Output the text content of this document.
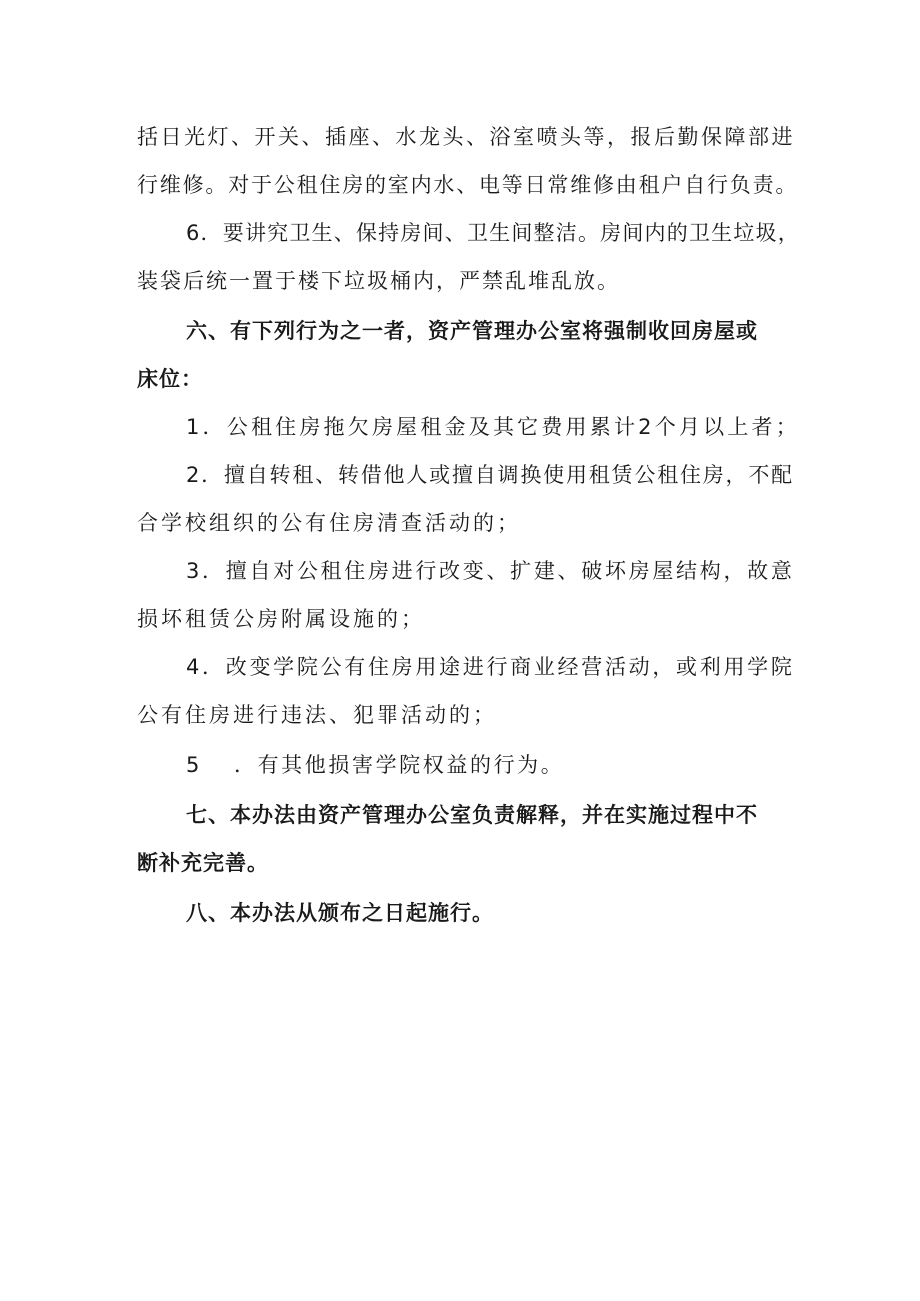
括日光灯、开关、插座、水龙头、浴室喷头等，报后勤保障部进
行维修。对于公租住房的室内水、电等日常维修由租户自行负责。
6．要讲究卫生、保持房间、卫生间整洁。房间内的卫生垃圾，
装袋后统一置于楼下垃圾桶内，严禁乱堆乱放。
六、有下列行为之一者，资产管理办公室将强制收回房屋或
床位：
1．公租住房拖欠房屋租金及其它费用累计2个月以上者；
2．擅自转租、转借他人或擅自调换使用租赁公租住房，不配
合学校组织的公有住房清查活动的；
3．擅自对公租住房进行改变、扩建、破坏房屋结构，故意
损坏租赁公房附属设施的；
4．改变学院公有住房用途进行商业经营活动，或利用学院
公有住房进行违法、犯罪活动的；
5 ．有其他损害学院权益的行为。
七、本办法由资产管理办公室负责解释，并在实施过程中不
断补充完善。
八、本办法从颁布之日起施行。
